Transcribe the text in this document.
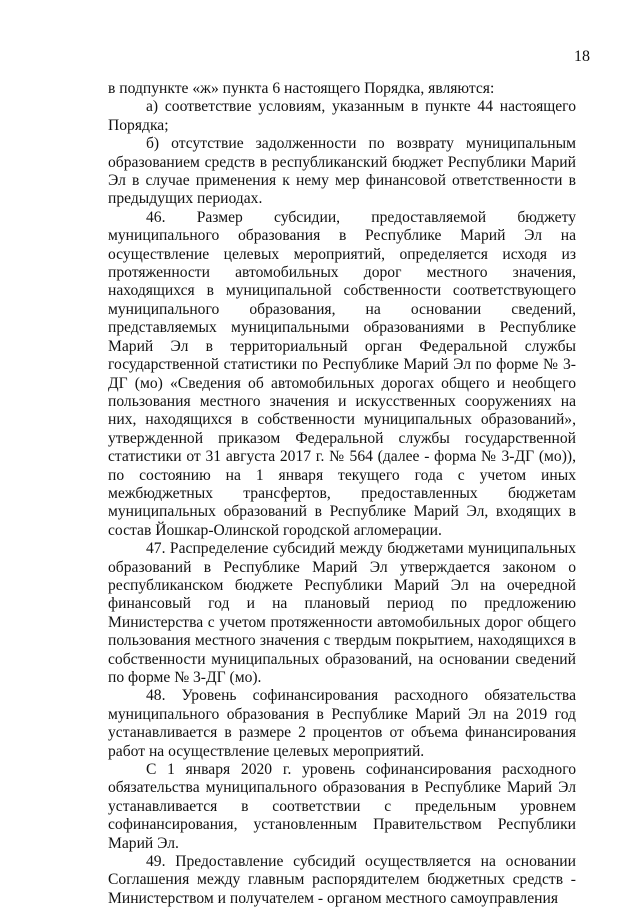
18

в подпункте «ж» пункта 6 настоящего Порядка, являются:

а) соответствие условиям, указанным в пункте 44 настоящего Порядка;

б) отсутствие задолженности по возврату муниципальным образованием средств в республиканский бюджет Республики Марий Эл в случае применения к нему мер финансовой ответственности в предыдущих периодах.

46. Размер субсидии, предоставляемой бюджету муниципального образования в Республике Марий Эл на осуществление целевых мероприятий, определяется исходя из протяженности автомобильных дорог местного значения, находящихся в муниципальной собственности соответствующего муниципального образования, на основании сведений, представляемых муниципальными образованиями в Республике Марий Эл в территориальный орган Федеральной службы государственной статистики по Республике Марий Эл по форме № 3-ДГ (мо) «Сведения об автомобильных дорогах общего и необщего пользования местного значения и искусственных сооружениях на них, находящихся в собственности муниципальных образований», утвержденной приказом Федеральной службы государственной статистики от 31 августа 2017 г. № 564 (далее - форма № 3-ДГ (мо)), по состоянию на 1 января текущего года с учетом иных межбюджетных трансфертов, предоставленных бюджетам муниципальных образований в Республике Марий Эл, входящих в состав Йошкар-Олинской городской агломерации.

47. Распределение субсидий между бюджетами муниципальных образований в Республике Марий Эл утверждается законом о республиканском бюджете Республики Марий Эл на очередной финансовый год и на плановый период по предложению Министерства с учетом протяженности автомобильных дорог общего пользования местного значения с твердым покрытием, находящихся в собственности муниципальных образований, на основании сведений по форме № 3-ДГ (мо).

48. Уровень софинансирования расходного обязательства муниципального образования в Республике Марий Эл на 2019 год устанавливается в размере 2 процентов от объема финансирования работ на осуществление целевых мероприятий.

С 1 января 2020 г. уровень софинансирования расходного обязательства муниципального образования в Республике Марий Эл устанавливается в соответствии с предельным уровнем софинансирования, установленным Правительством Республики Марий Эл.

49. Предоставление субсидий осуществляется на основании Соглашения между главным распорядителем бюджетных средств - Министерством и получателем - органом местного самоуправления
